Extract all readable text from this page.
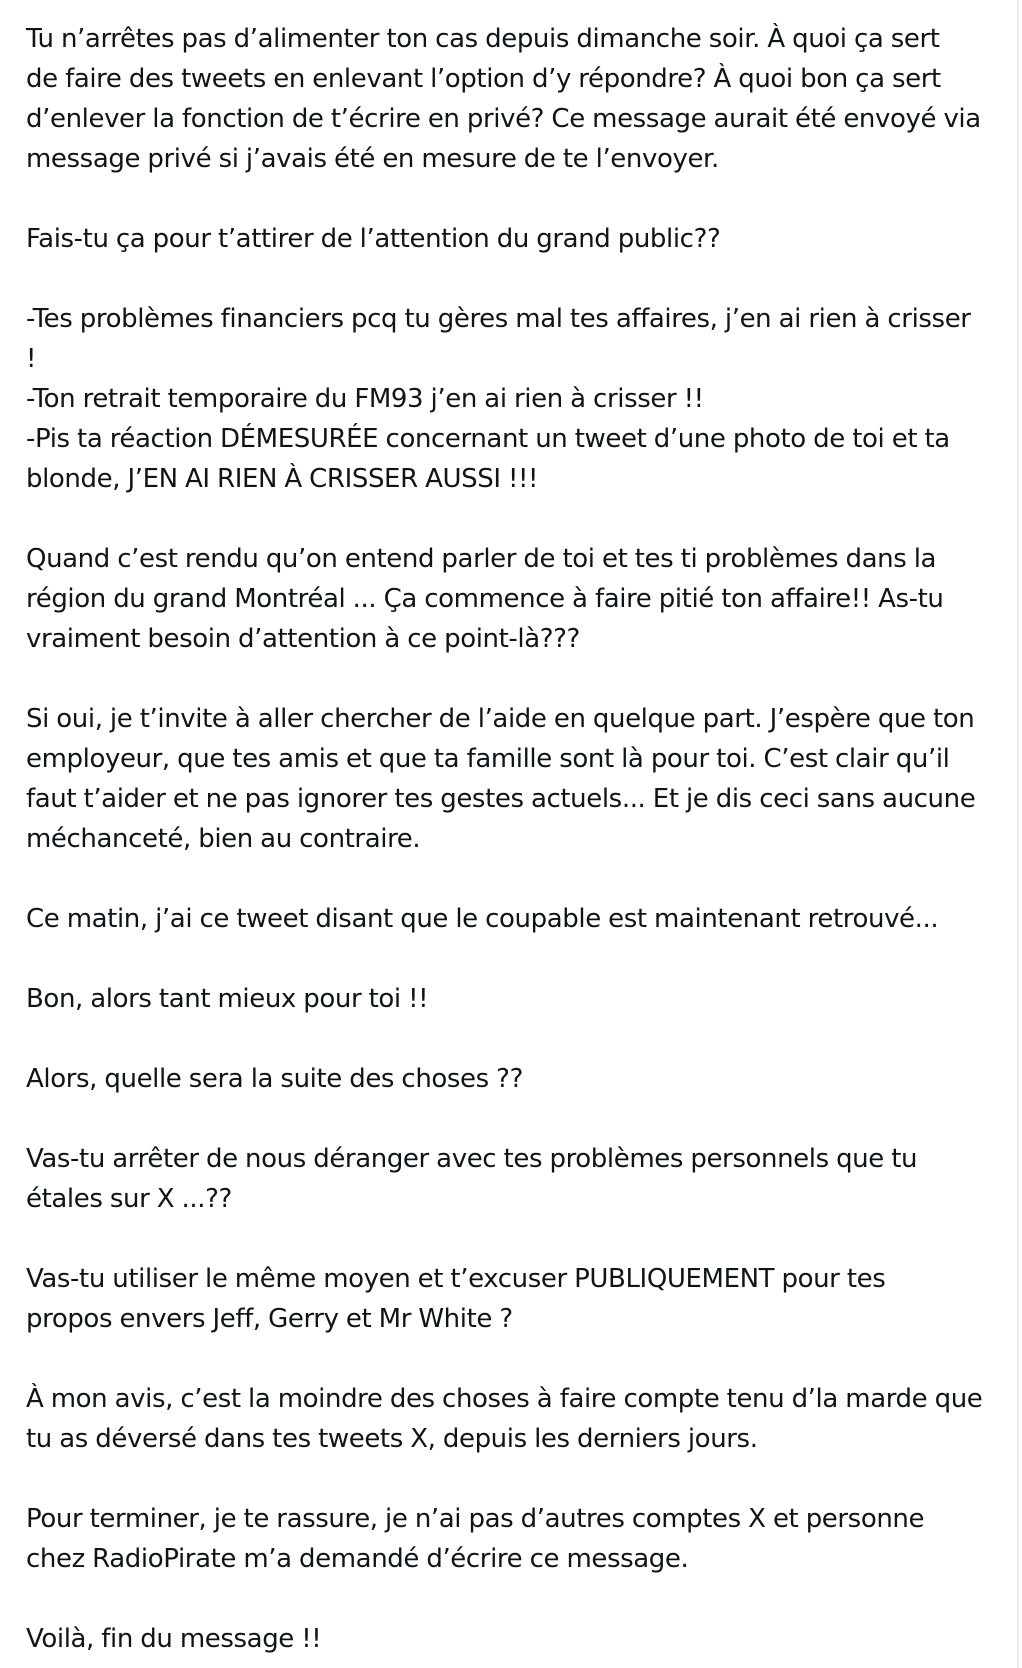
Tu n’arrêtes pas d’alimenter ton cas depuis dimanche soir. À quoi ça sert
de faire des tweets en enlevant l’option d’y répondre? À quoi bon ça sert
d’enlever la fonction de t’écrire en privé? Ce message aurait été envoyé via
message privé si j’avais été en mesure de te l’envoyer.
Fais-tu ça pour t’attirer de l’attention du grand public??
-Tes problèmes financiers pcq tu gères mal tes affaires, j’en ai rien à crisser
!
-Ton retrait temporaire du FM93 j’en ai rien à crisser !!
-Pis ta réaction DÉMESURÉE concernant un tweet d’une photo de toi et ta
blonde, J’EN AI RIEN À CRISSER AUSSI !!!
Quand c’est rendu qu’on entend parler de toi et tes ti problèmes dans la
région du grand Montréal ... Ça commence à faire pitié ton affaire!! As-tu
vraiment besoin d’attention à ce point-là???
Si oui, je t’invite à aller chercher de l’aide en quelque part. J’espère que ton
employeur, que tes amis et que ta famille sont là pour toi. C’est clair qu’il
faut t’aider et ne pas ignorer tes gestes actuels... Et je dis ceci sans aucune
méchanceté, bien au contraire.
Ce matin, j’ai ce tweet disant que le coupable est maintenant retrouvé...
Bon, alors tant mieux pour toi !!
Alors, quelle sera la suite des choses ??
Vas-tu arrêter de nous déranger avec tes problèmes personnels que tu
étales sur X ...??
Vas-tu utiliser le même moyen et t’excuser PUBLIQUEMENT pour tes
propos envers Jeff, Gerry et Mr White ?
À mon avis, c’est la moindre des choses à faire compte tenu d’la marde que
tu as déversé dans tes tweets X, depuis les derniers jours.
Pour terminer, je te rassure, je n’ai pas d’autres comptes X et personne
chez RadioPirate m’a demandé d’écrire ce message.
Voilà, fin du message !!
